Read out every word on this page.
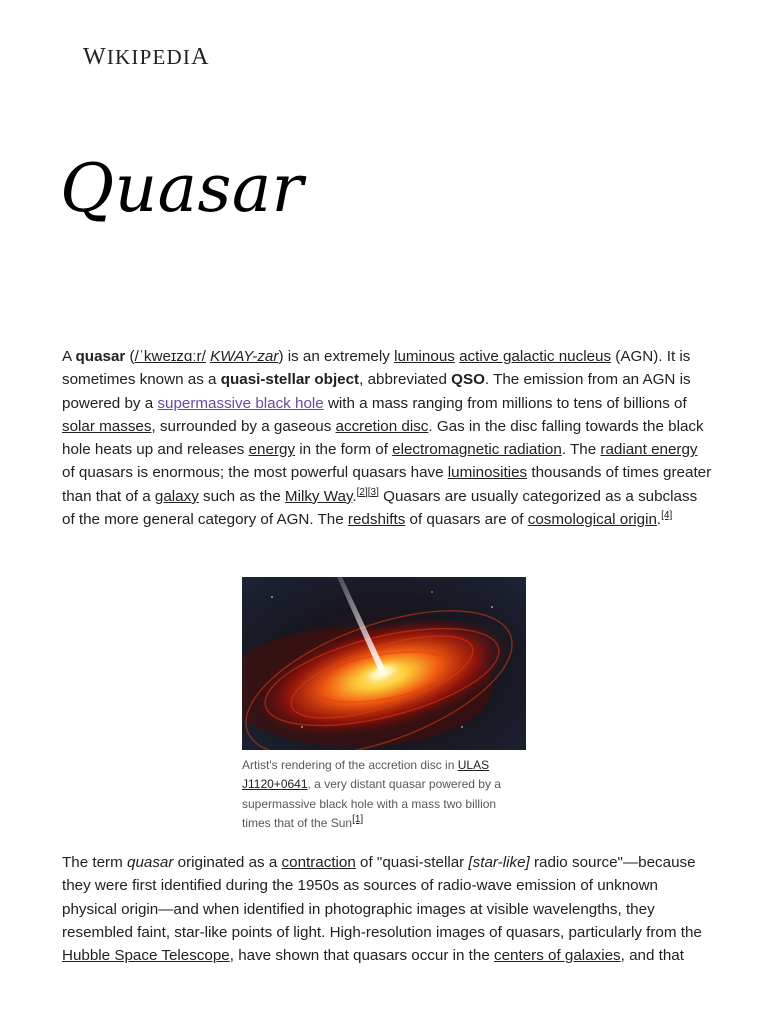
WIKIPEDIA
Quasar

A quasar (/ˈkweɪzɑːr/ KWAY-zar) is an extremely luminous active galactic nucleus (AGN). It is sometimes known as a quasi-stellar object, abbreviated QSO. The emission from an AGN is powered by a supermassive black hole with a mass ranging from millions to tens of billions of solar masses, surrounded by a gaseous accretion disc. Gas in the disc falling towards the black hole heats up and releases energy in the form of electromagnetic radiation. The radiant energy of quasars is enormous; the most powerful quasars have luminosities thousands of times greater than that of a galaxy such as the Milky Way.[2][3] Quasars are usually categorized as a subclass of the more general category of AGN. The redshifts of quasars are of cosmological origin.[4]

Artist's rendering of the accretion disc in ULAS J1120+0641, a very distant quasar powered by a supermassive black hole with a mass two billion times that of the Sun[1]

The term quasar originated as a contraction of "quasi-stellar [star-like] radio source"—because they were first identified during the 1950s as sources of radio-wave emission of unknown physical origin—and when identified in photographic images at visible wavelengths, they resembled faint, star-like points of light. High-resolution images of quasars, particularly from the Hubble Space Telescope, have shown that quasars occur in the centers of galaxies, and that
